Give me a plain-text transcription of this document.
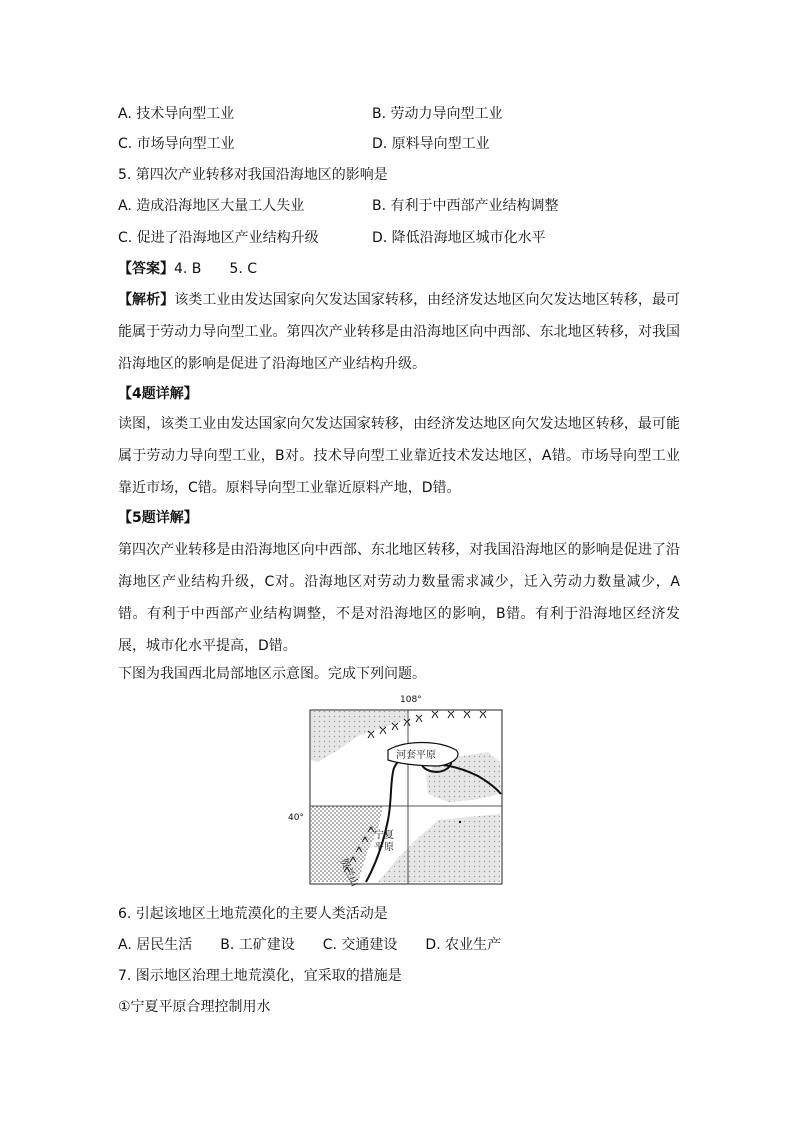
A. 技术导向型工业	B. 劳动力导向型工业
C. 市场导向型工业	D. 原料导向型工业
5. 第四次产业转移对我国沿海地区的影响是
A. 造成沿海地区大量工人失业	B. 有利于中西部产业结构调整
C. 促进了沿海地区产业结构升级	D. 降低沿海地区城市化水平
【答案】4. B　　5. C
【解析】该类工业由发达国家向欠发达国家转移，由经济发达地区向欠发达地区转移，最可能属于劳动力导向型工业。第四次产业转移是由沿海地区向中西部、东北地区转移，对我国沿海地区的影响是促进了沿海地区产业结构升级。
【4题详解】
读图，该类工业由发达国家向欠发达国家转移，由经济发达地区向欠发达地区转移，最可能属于劳动力导向型工业，B对。技术导向型工业靠近技术发达地区，A错。市场导向型工业靠近市场，C错。原料导向型工业靠近原料产地，D错。
【5题详解】
第四次产业转移是由沿海地区向中西部、东北地区转移，对我国沿海地区的影响是促进了沿海地区产业结构升级，C对。沿海地区对劳动力数量需求减少，迁入劳动力数量减少，A错。有利于中西部产业结构调整，不是对沿海地区的影响，B错。有利于沿海地区经济发展，城市化水平提高，D错。
下图为我国西北局部地区示意图。完成下列问题。
108°
40°
河套平原
宁夏
平原
贺兰山
6. 引起该地区土地荒漠化的主要人类活动是
A. 居民生活　　B. 工矿建设　　C. 交通建设　　D. 农业生产
7. 图示地区治理土地荒漠化，宜采取的措施是
①宁夏平原合理控制用水
